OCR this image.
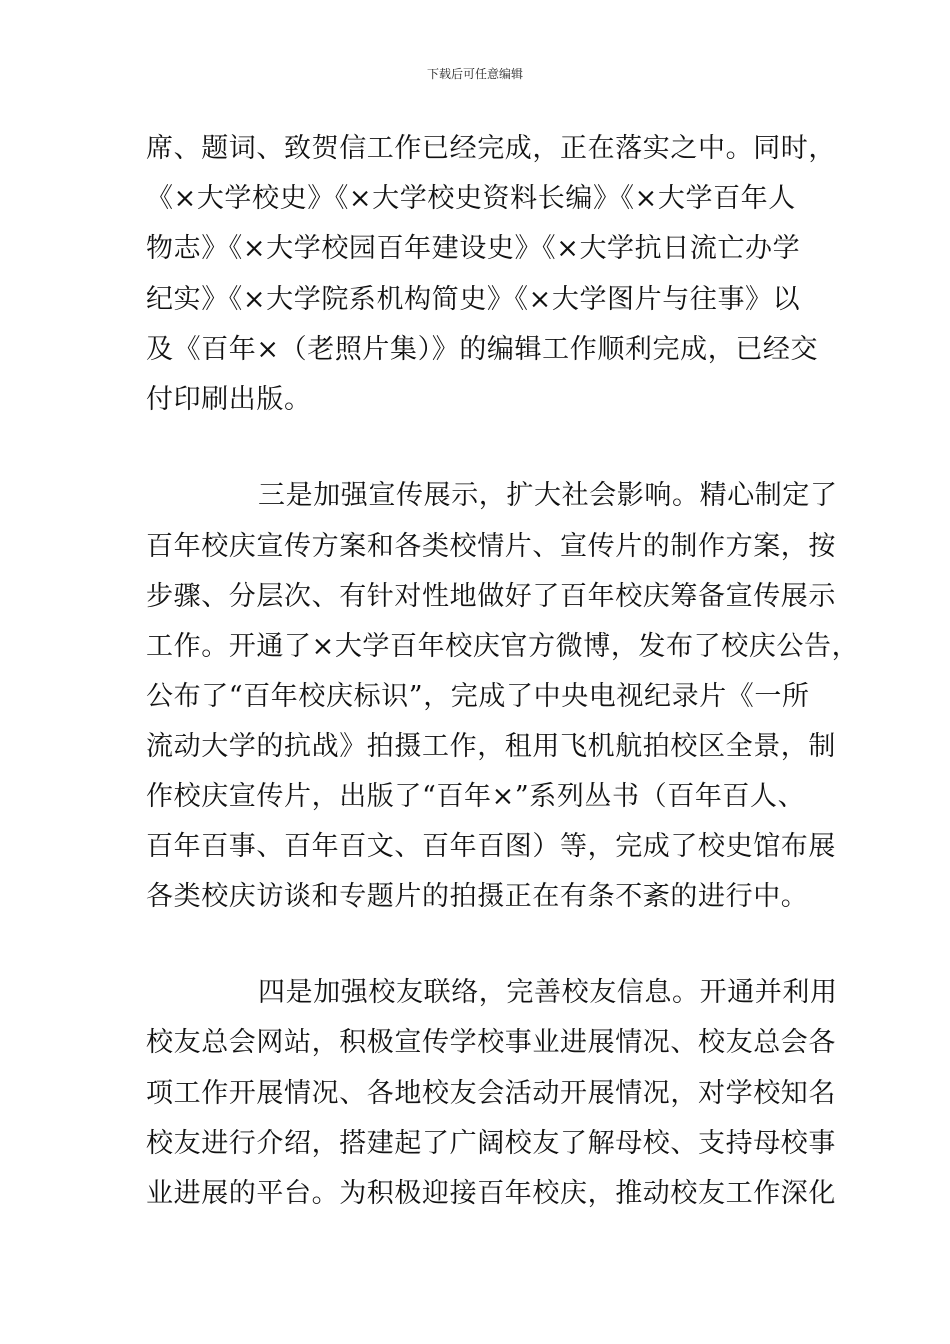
下载后可任意编辑
席、题词、致贺信工作已经完成，正在落实之中。同时，
《×大学校史》《×大学校史资料长编》《×大学百年人
物志》《×大学校园百年建设史》《×大学抗日流亡办学
纪实》《×大学院系机构简史》《×大学图片与往事》以
及《百年×（老照片集）》的编辑工作顺利完成，已经交
付印刷出版。
三是加强宣传展示，扩大社会影响。精心制定了
百年校庆宣传方案和各类校情片、宣传片的制作方案，按
步骤、分层次、有针对性地做好了百年校庆筹备宣传展示
工作。开通了×大学百年校庆官方微博，发布了校庆公告，
公布了“百年校庆标识”，完成了中央电视纪录片《一所
流动大学的抗战》拍摄工作，租用飞机航拍校区全景，制
作校庆宣传片，出版了“百年×”系列丛书（百年百人、
百年百事、百年百文、百年百图）等，完成了校史馆布展
各类校庆访谈和专题片的拍摄正在有条不紊的进行中。
四是加强校友联络，完善校友信息。开通并利用
校友总会网站，积极宣传学校事业进展情况、校友总会各
项工作开展情况、各地校友会活动开展情况，对学校知名
校友进行介绍，搭建起了广阔校友了解母校、支持母校事
业进展的平台。为积极迎接百年校庆，推动校友工作深化
